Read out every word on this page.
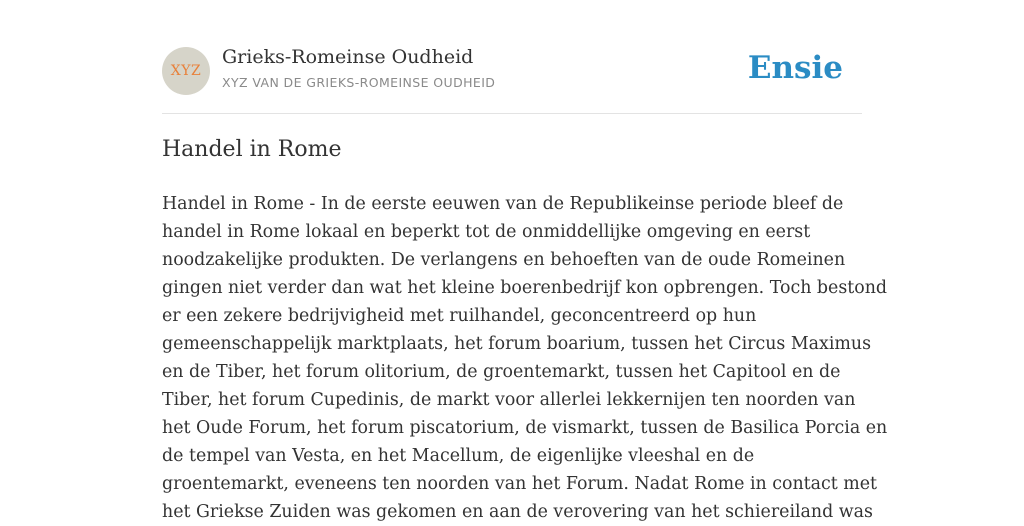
XYZ
Grieks-Romeinse Oudheid
XYZ VAN DE GRIEKS-ROMEINSE OUDHEID	Ensie
Handel in Rome

Handel in Rome - In de eerste eeuwen van de Republikeinse periode bleef de
handel in Rome lokaal en beperkt tot de onmiddellijke omgeving en eerst
noodzakelijke produkten. De verlangens en behoeften van de oude Romeinen
gingen niet verder dan wat het kleine boerenbedrijf kon opbrengen. Toch bestond
er een zekere bedrijvigheid met ruilhandel, geconcentreerd op hun
gemeenschappelijk marktplaats, het forum boarium, tussen het Circus Maximus
en de Tiber, het forum olitorium, de groentemarkt, tussen het Capitool en de
Tiber, het forum Cupedinis, de markt voor allerlei lekkernijen ten noorden van
het Oude Forum, het forum piscatorium, de vismarkt, tussen de Basilica Porcia en
de tempel van Vesta, en het Macellum, de eigenlijke vleeshal en de
groentemarkt, eveneens ten noorden van het Forum. Nadat Rome in contact met
het Griekse Zuiden was gekomen en aan de verovering van het schiereiland was
